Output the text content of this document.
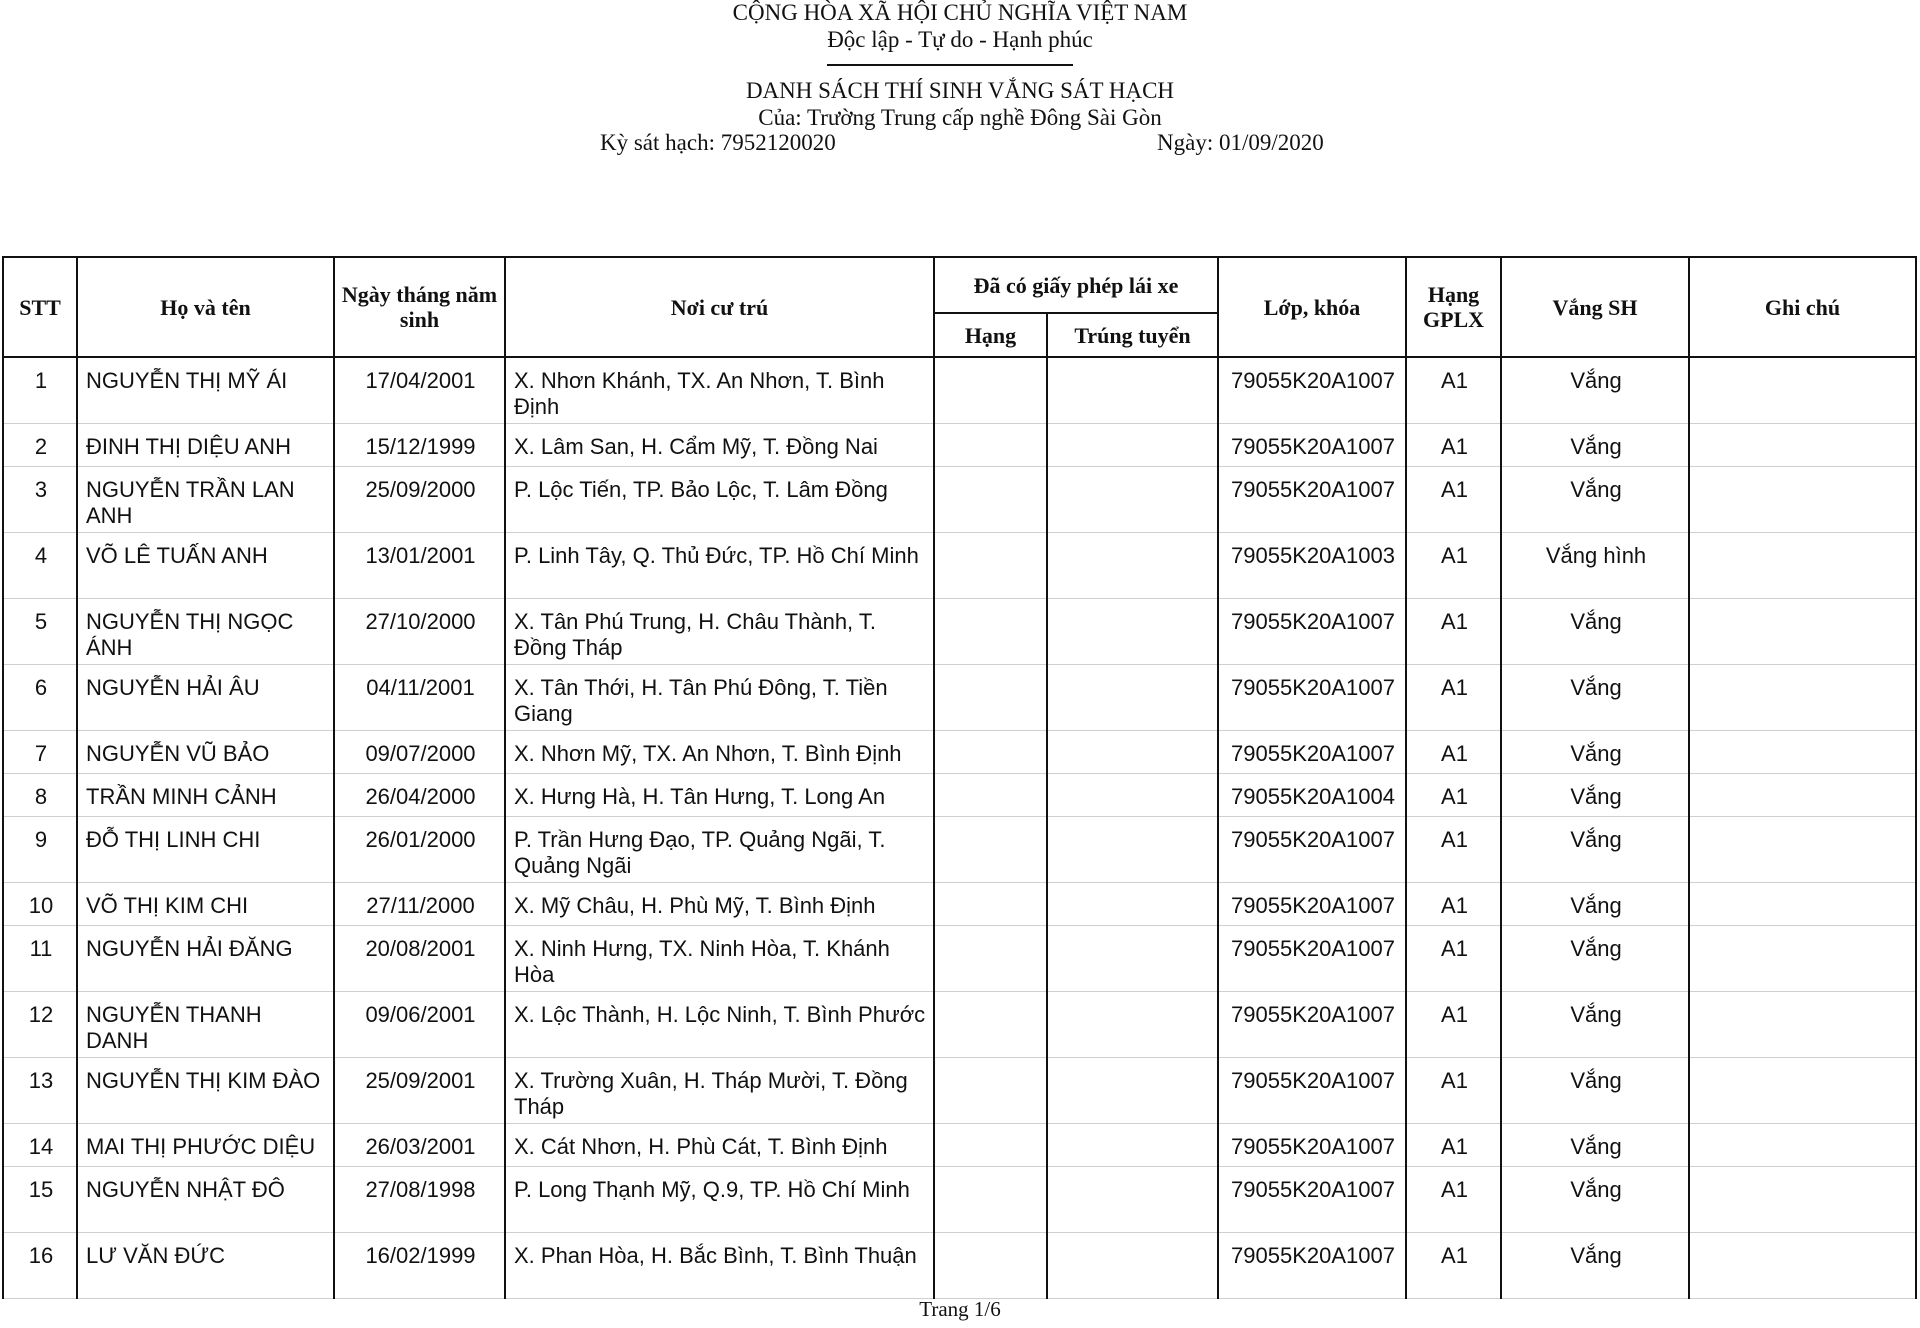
CỘNG HÒA XÃ HỘI CHỦ NGHĨA VIỆT NAM
Độc lập - Tự do - Hạnh phúc
DANH SÁCH THÍ SINH VẮNG SÁT HẠCH
Của: Trường Trung cấp nghề Đông Sài Gòn
Kỳ sát hạch: 7952120020	Ngày: 01/09/2020
STT	Họ và tên	Ngày tháng năm sinh	Nơi cư trú	Đã có giấy phép lái xe		Lớp, khóa	Hạng GPLX	Vắng SH	Ghi chú
				Hạng	Trúng tuyển				
1	NGUYỄN THỊ MỸ ÁI	17/04/2001	X. Nhơn Khánh, TX. An Nhơn, T. Bình Định			79055K20A1007	A1	Vắng	
2	ĐINH THỊ DIỆU ANH	15/12/1999	X. Lâm San, H. Cẩm Mỹ, T. Đồng Nai			79055K20A1007	A1	Vắng	
3	NGUYỄN TRẦN LAN ANH	25/09/2000	P. Lộc Tiến, TP. Bảo Lộc, T. Lâm Đồng			79055K20A1007	A1	Vắng	
4	VÕ LÊ TUẤN ANH	13/01/2001	P. Linh Tây, Q. Thủ Đức, TP. Hồ Chí Minh			79055K20A1003	A1	Vắng hình	
5	NGUYỄN THỊ NGỌC ÁNH	27/10/2000	X. Tân Phú Trung, H. Châu Thành, T. Đồng Tháp			79055K20A1007	A1	Vắng	
6	NGUYỄN HẢI ÂU	04/11/2001	X. Tân Thới, H. Tân Phú Đông, T. Tiền Giang			79055K20A1007	A1	Vắng	
7	NGUYỄN VŨ BẢO	09/07/2000	X. Nhơn Mỹ, TX. An Nhơn, T. Bình Định			79055K20A1007	A1	Vắng	
8	TRẦN MINH CẢNH	26/04/2000	X. Hưng Hà, H. Tân Hưng, T. Long An			79055K20A1004	A1	Vắng	
9	ĐỖ THỊ LINH CHI	26/01/2000	P. Trần Hưng Đạo, TP. Quảng Ngãi, T. Quảng Ngãi			79055K20A1007	A1	Vắng	
10	VÕ THỊ KIM CHI	27/11/2000	X. Mỹ Châu, H. Phù Mỹ, T. Bình Định			79055K20A1007	A1	Vắng	
11	NGUYỄN HẢI ĐĂNG	20/08/2001	X. Ninh Hưng, TX. Ninh Hòa, T. Khánh Hòa			79055K20A1007	A1	Vắng	
12	NGUYỄN THANH DANH	09/06/2001	X. Lộc Thành, H. Lộc Ninh, T. Bình Phước			79055K20A1007	A1	Vắng	
13	NGUYỄN THỊ KIM ĐÀO	25/09/2001	X. Trường Xuân, H. Tháp Mười, T. Đồng Tháp			79055K20A1007	A1	Vắng	
14	MAI THỊ PHƯỚC DIỆU	26/03/2001	X. Cát Nhơn, H. Phù Cát, T. Bình Định			79055K20A1007	A1	Vắng	
15	NGUYỄN NHẬT ĐÔ	27/08/1998	P. Long Thạnh Mỹ, Q.9, TP. Hồ Chí Minh			79055K20A1007	A1	Vắng	
16	LƯ VĂN ĐỨC	16/02/1999	X. Phan Hòa, H. Bắc Bình, T. Bình Thuận			79055K20A1007	A1	Vắng	
Trang 1/6
